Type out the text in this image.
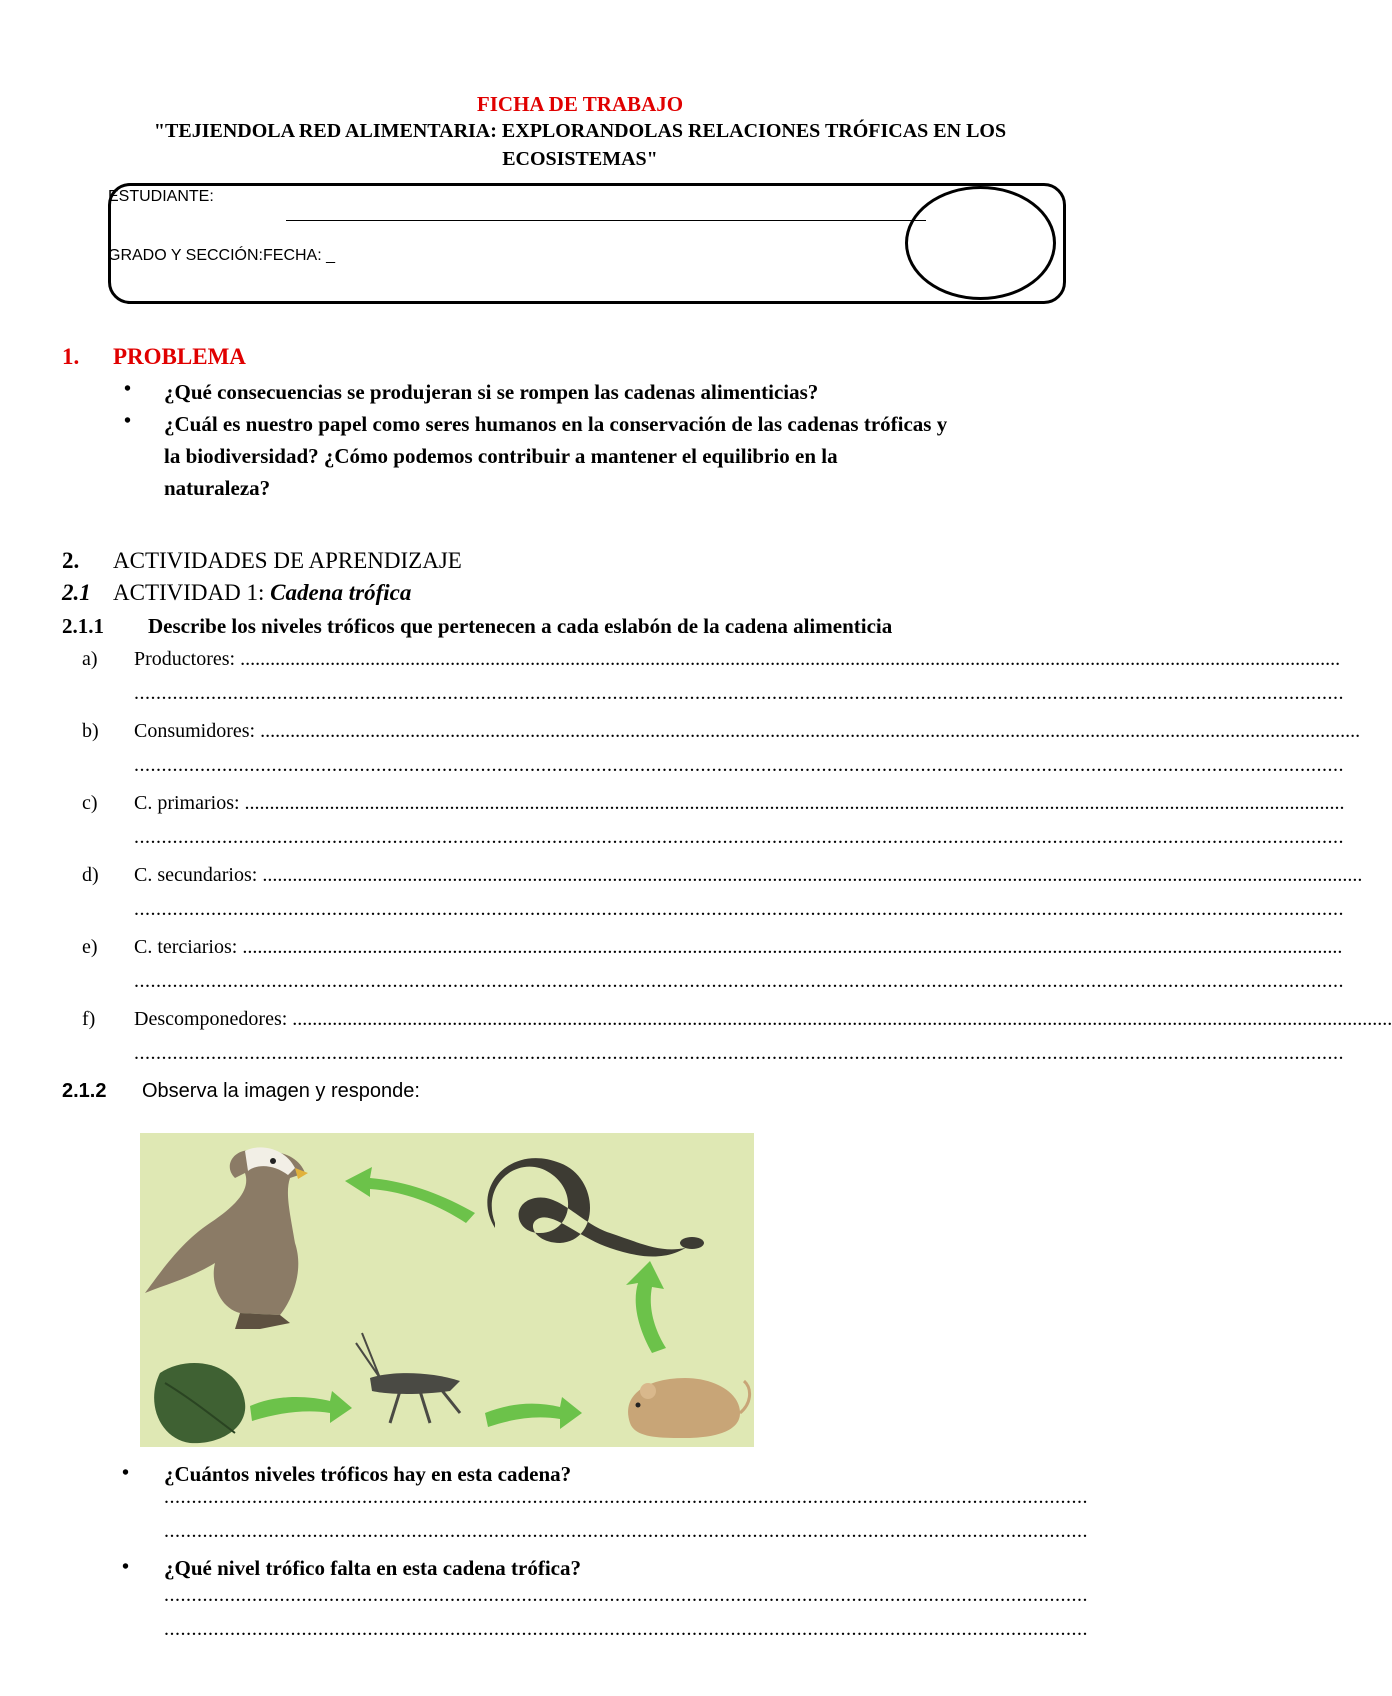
FICHA DE TRABAJO
"TEJIENDOLA RED ALIMENTARIA: EXPLORANDOLAS RELACIONES TRÓFICAS EN LOS
ECOSISTEMAS"
ESTUDIANTE:
GRADO Y SECCIÓN:FECHA: _
1. PROBLEMA
• ¿Qué consecuencias se produjeran si se rompen las cadenas alimenticias?
• ¿Cuál es nuestro papel como seres humanos en la conservación de las cadenas tróficas y
la biodiversidad? ¿Cómo podemos contribuir a mantener el equilibrio en la
naturaleza?
2. ACTIVIDADES DE APRENDIZAJE
2.1 ACTIVIDAD 1: Cadena trófica
2.1.1 Describe los niveles tróficos que pertenecen a cada eslabón de la cadena alimenticia
a) Productores: ............................................................................................................................................................................................................................
............................................................................................................................................................................................................................
b) Consumidores: ............................................................................................................................................................................................................................
............................................................................................................................................................................................................................
c) C. primarios: ............................................................................................................................................................................................................................
............................................................................................................................................................................................................................
d) C. secundarios: ............................................................................................................................................................................................................................
............................................................................................................................................................................................................................
e) C. terciarios: ............................................................................................................................................................................................................................
............................................................................................................................................................................................................................
f) Descomponedores: ............................................................................................................................................................................................................................
............................................................................................................................................................................................................................
2.1.2 Observa la imagen y responde:
• ¿Cuántos niveles tróficos hay en esta cadena?
........................................................................................................................................................................
........................................................................................................................................................................
• ¿Qué nivel trófico falta en esta cadena trófica?
........................................................................................................................................................................
........................................................................................................................................................................
